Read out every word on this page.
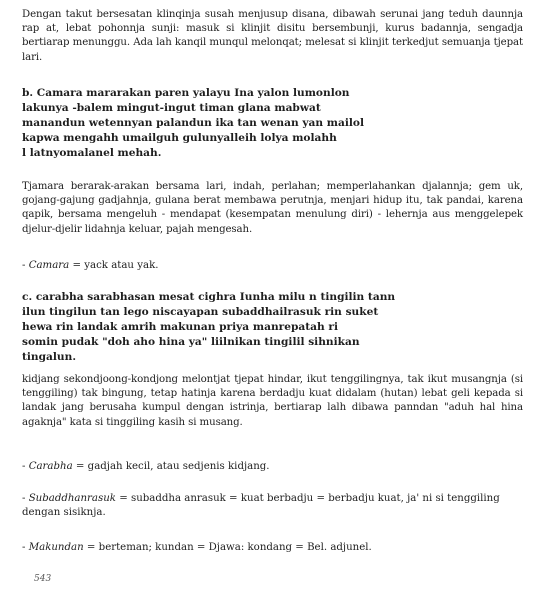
Dengan takut bersesatan klinqinja susah menjusup disana, dibawah serunai jang teduh daunnja rap at, lebat pohonnja sunji: masuk si klinjit disitu bersembunji, kurus badannja, sengadja bertiarap menunggu. Ada lah kanqil munqul melonqat; melesat si klinjit terkedjut semuanja tjepat lari.

b. Camara mararakan paren yalayu Ina yalon lumonlon
lakunya -balem mingut-ingut timan glana mabwat
manandun wetennyan palandun ika tan wenan yan mailol
kapwa mengahh umailguh gulunyalleih lolya molahh
l latnyomalanel mehah.

Tjamara berarak-arakan bersama lari, indah, perlahan; memperlahankan djalannja; gem uk, gojang-gajung gadjahnja, gulana berat membawa perutnja, menjari hidup itu, tak pandai, karena qapik, bersama mengeluh - mendapat (kesempatan menulung diri) - lehernja aus menggelepek djelur-djelir lidahnja keluar, pajah mengesah.

- Camara = yack atau yak.

c. carabha sarabhasan mesat cighra Iunha milu n tingilin tann
ilun tingilun tan lego niscayapan subaddhailrasuk rin suket
hewa rin landak amrih makunan priya manrepatah ri
somin pudak "doh aho hina ya" liilnikan tingilil sihnikan
tingalun.

kidjang sekondjoong-kondjong melontjat tjepat hindar, ikut tenggilingnya, tak ikut musangnja (si tenggiling) tak bingung, tetap hatinja karena berdadju kuat didalam (hutan) lebat geli kepada si landak jang berusaha kumpul dengan istrinja, bertiarap lalh dibawa panndan "aduh hal hina agaknja" kata si tinggiling kasih si musang.

- Carabha = gadjah kecil, atau sedjenis kidjang.

- Subaddhanrasuk = subaddha anrasuk = kuat berbadju = berbadju kuat, ja' ni si tenggiling dengan sisiknja.

- Makundan = berteman; kundan = Djawa: kondang = Bel. adjunel.

543
